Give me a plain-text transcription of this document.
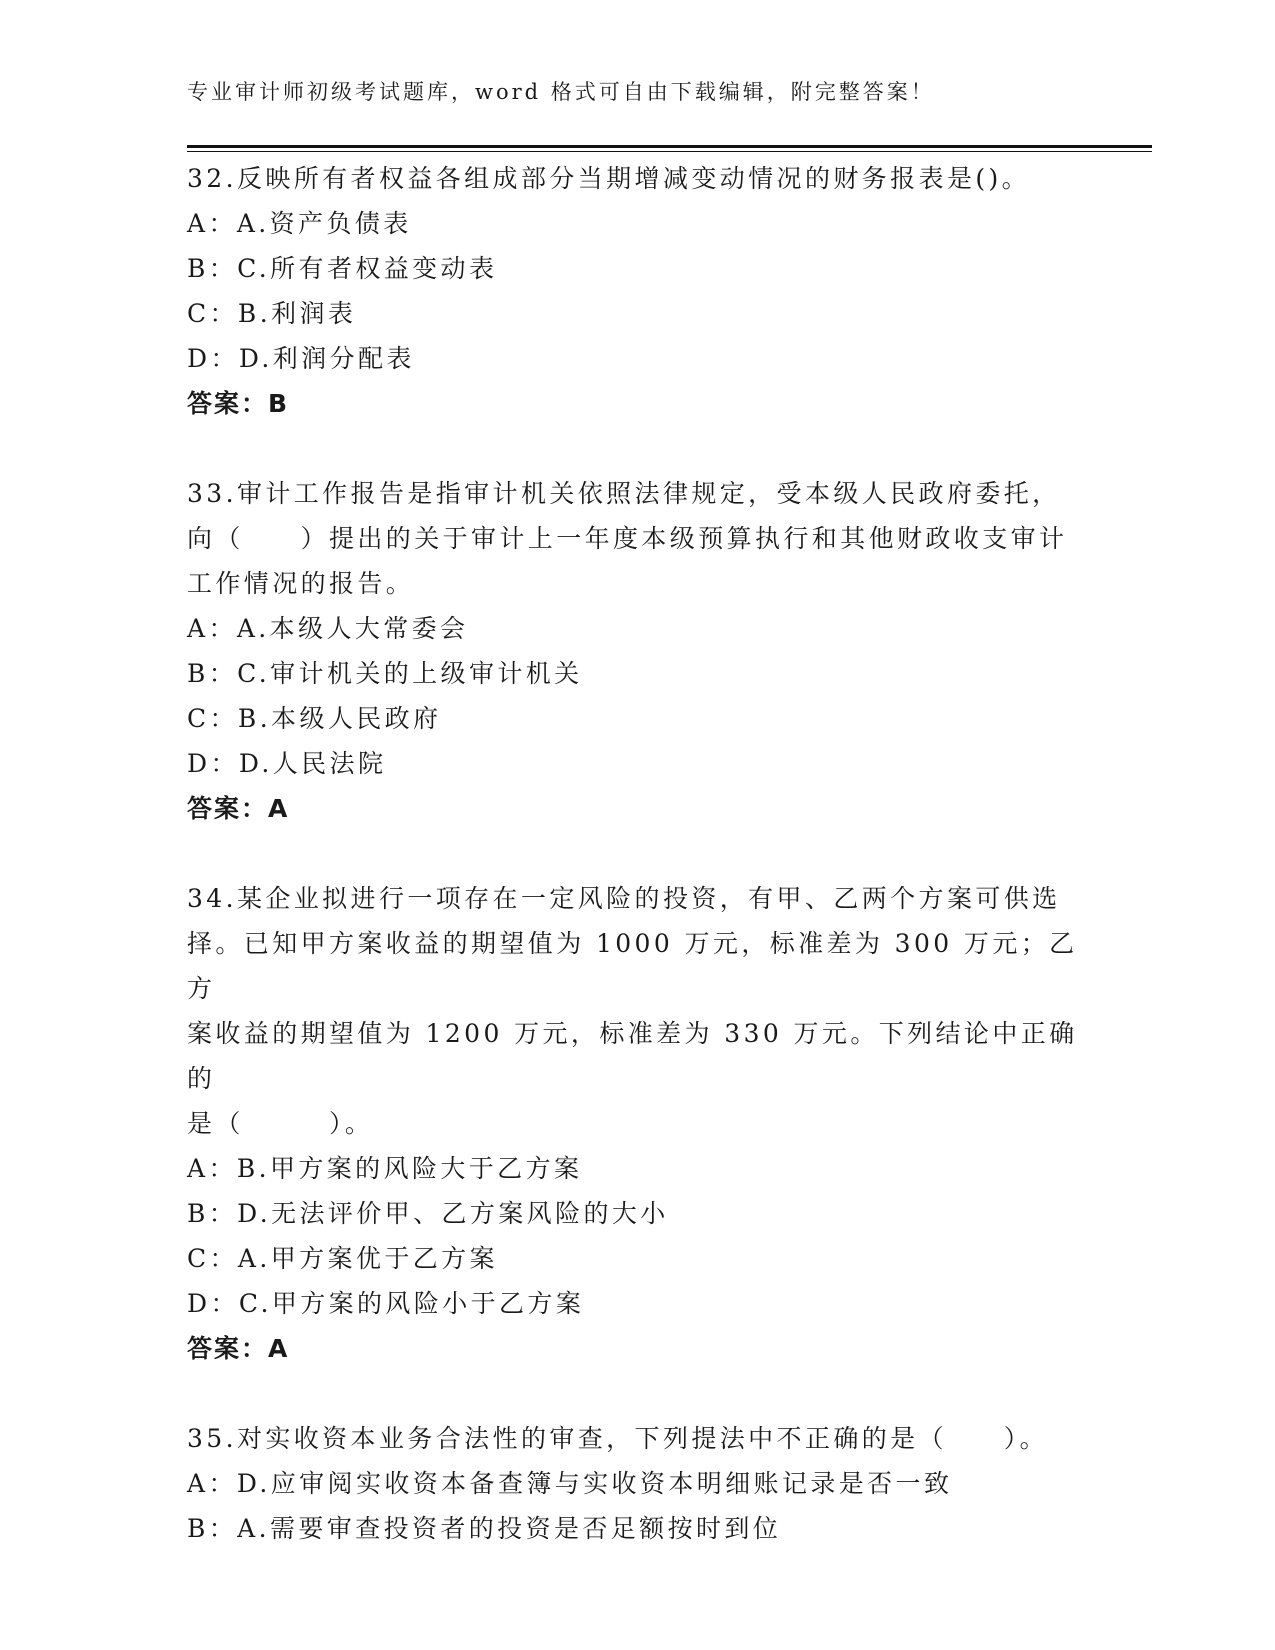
专业审计师初级考试题库，word 格式可自由下载编辑，附完整答案！
32.反映所有者权益各组成部分当期增减变动情况的财务报表是()。
A：A.资产负债表
B：C.所有者权益变动表
C：B.利润表
D：D.利润分配表
答案：B
33.审计工作报告是指审计机关依照法律规定，受本级人民政府委托，
向（　　）提出的关于审计上一年度本级预算执行和其他财政收支审计
工作情况的报告。
A：A.本级人大常委会
B：C.审计机关的上级审计机关
C：B.本级人民政府
D：D.人民法院
答案：A
34.某企业拟进行一项存在一定风险的投资，有甲、乙两个方案可供选
择。已知甲方案收益的期望值为 1000 万元，标准差为 300 万元；乙方
案收益的期望值为 1200 万元，标准差为 330 万元。下列结论中正确的
是（　　　）。
A：B.甲方案的风险大于乙方案
B：D.无法评价甲、乙方案风险的大小
C：A.甲方案优于乙方案
D：C.甲方案的风险小于乙方案
答案：A
35.对实收资本业务合法性的审查，下列提法中不正确的是（　　）。
A：D.应审阅实收资本备查簿与实收资本明细账记录是否一致
B：A.需要审查投资者的投资是否足额按时到位
